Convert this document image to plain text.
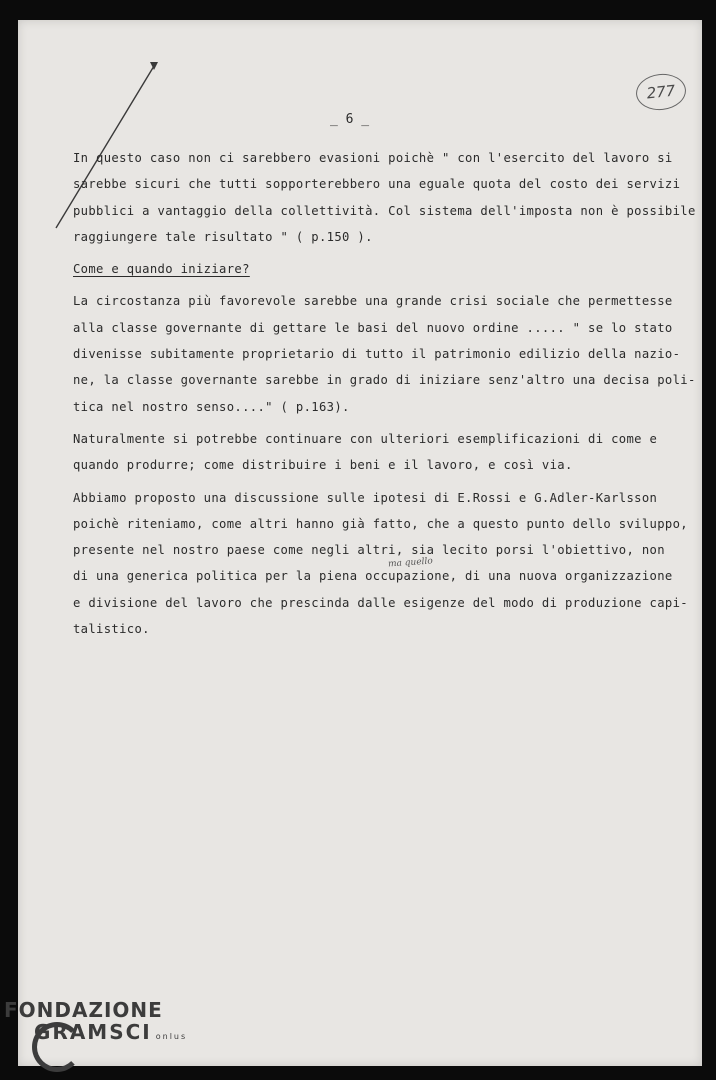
_ 6 _
277
In questo caso non ci sarebbero evasioni poichè " con l'esercito del lavoro si
sarebbe sicuri che tutti sopporterebbero una eguale quota del costo dei servizi
pubblici a vantaggio della collettività. Col sistema dell'imposta non è possibile
raggiungere tale risultato " ( p.150 ).
Come e quando iniziare?
La circostanza più favorevole sarebbe una grande crisi sociale che permettesse
alla classe governante di gettare le basi del nuovo ordine ..... " se lo stato
divenisse subitamente proprietario di tutto il patrimonio edilizio della nazio-
ne, la classe governante sarebbe in grado di iniziare senz'altro una decisa poli-
tica nel nostro senso...." ( p.163).
Naturalmente si potrebbe continuare con ulteriori esemplificazioni di come e
quando produrre; come distribuire i beni e il lavoro, e così via.
Abbiamo proposto una discussione sulle ipotesi di E.Rossi e G.Adler-Karlsson
poichè riteniamo, come altri hanno già fatto, che a questo punto dello sviluppo,
presente nel nostro paese come negli altri, sia lecito porsi l'obiettivo, non
di una generica politica per la piena occupazione, di una nuova organizzazione
e divisione del lavoro che prescinda dalle esigenze del modo di produzione capi-
talistico.
ma quello
FONDAZIONE
GRAMSCI onlus
